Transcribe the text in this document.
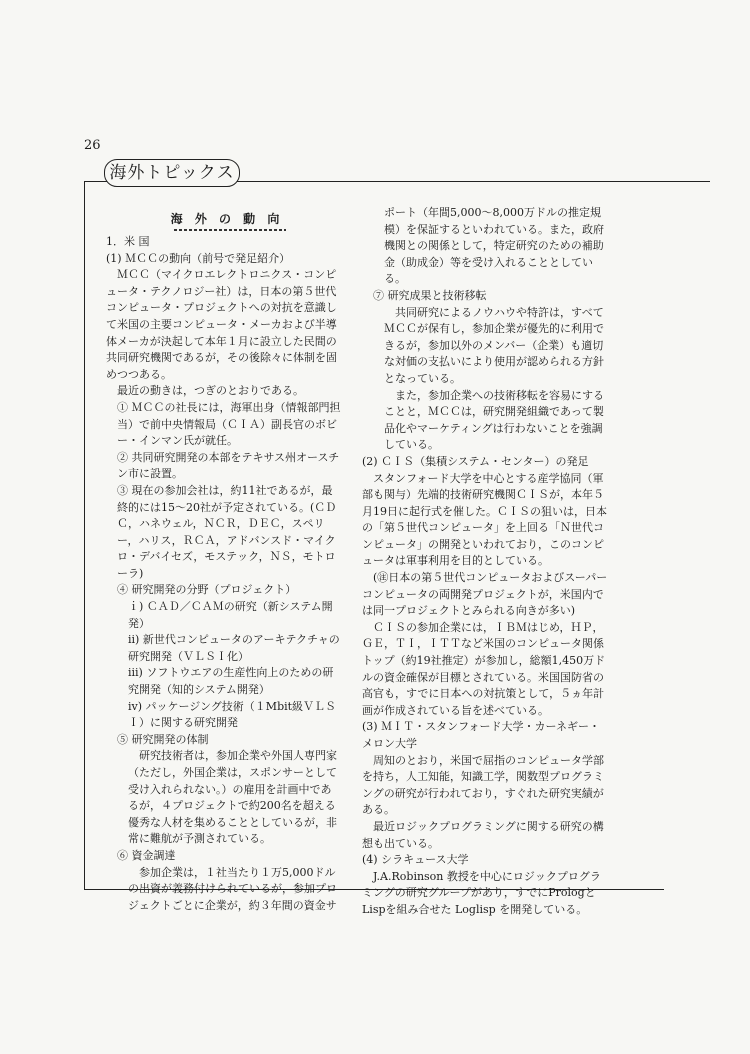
26
海外トピックス
海 外 の 動 向

1．米 国

(1) ＭＣＣの動向（前号で発足紹介）

ＭＣＣ（マイクロエレクトロニクス・コンピュータ・テクノロジー社）は，日本の第５世代コンピュータ・プロジェクトへの対抗を意識して米国の主要コンピュータ・メーカおよび半導体メーカが決起して本年１月に設立した民間の共同研究機関であるが，その後除々に体制を固めつつある。

最近の動きは，つぎのとおりである。

① ＭＣＣの社長には，海軍出身（情報部門担当）で前中央情報局（ＣＩＡ）副長官のボビー・インマン氏が就任。

② 共同研究開発の本部をテキサス州オースチン市に設置。

③ 現在の参加会社は，約11社であるが，最終的には15～20社が予定されている。(ＣＤＣ，ハネウェル，ＮＣＲ，ＤＥＣ，スペリー，ハリス，ＲＣＡ，アドバンスド・マイクロ・デバイセズ，モステック，ＮＳ，モトローラ)

④ 研究開発の分野（プロジェクト）

ｉ) ＣＡＤ／ＣＡＭの研究（新システム開発）

ⅱ) 新世代コンピュータのアーキテクチャの研究開発（ＶＬＳＩ化）

ⅲ) ソフトウエアの生産性向上のための研究開発（知的システム開発）

ⅳ) パッケージング技術（１Mbit級ＶＬＳＩ）に関する研究開発

⑤ 研究開発の体制

研究技術者は，参加企業や外国人専門家（ただし，外国企業は，スポンサーとして受け入れられない。）の雇用を計画中であるが，４プロジェクトで約200名を超える優秀な人材を集めることとしているが，非常に難航が予測されている。

⑥ 資金調達

参加企業は，１社当たり１万5,000ドルの出資が義務付けられているが，参加プロジェクトごとに企業が，約３年間の資金サ

ポート（年間5,000～8,000万ドルの推定規模）を保証するといわれている。また，政府機関との関係として，特定研究のための補助金（助成金）等を受け入れることとしている。

⑦ 研究成果と技術移転

共同研究によるノウハウや特許は，すべてＭＣＣが保有し，参加企業が優先的に利用できるが，参加以外のメンバー（企業）も適切な対価の支払いにより使用が認められる方針となっている。

また，参加企業への技術移転を容易にすることと，ＭＣＣは，研究開発組織であって製品化やマーケティングは行わないことを強調している。

(2) ＣＩＳ（集積システム・センター）の発足

スタンフォード大学を中心とする産学協同（軍部も関与）先端的技術研究機関ＣＩＳが，本年５月19日に起行式を催した。ＣＩＳの狙いは，日本の「第５世代コンピュータ」を上回る「Ｎ世代コンピュータ」の開発といわれており，このコンピュータは軍事利用を目的としている。

(㊟日本の第５世代コンピュータおよびスーパーコンピュータの両開発プロジェクトが，米国内では同一プロジェクトとみられる向きが多い)

ＣＩＳの参加企業には，ＩＢＭはじめ，ＨＰ，ＧＥ，ＴＩ，ＩＴＴなど米国のコンピュータ関係トップ（約19社推定）が参加し，総額1,450万ドルの資金確保が目標とされている。米国国防省の高官も，すでに日本への対抗策として，５ヵ年計画が作成されている旨を述べている。

(3) ＭＩＴ・スタンフォード大学・カーネギー・メロン大学

周知のとおり，米国で屈指のコンピュータ学部を持ち，人工知能，知識工学，関数型プログラミングの研究が行われており，すぐれた研究実績がある。

最近ロジックプログラミングに関する研究の構想も出ている。

(4) シラキュース大学

J.A.Robinson 教授を中心にロジックプログラミングの研究グループがあり，すでにPrologとLispを組み合せた Loglisp を開発している。
